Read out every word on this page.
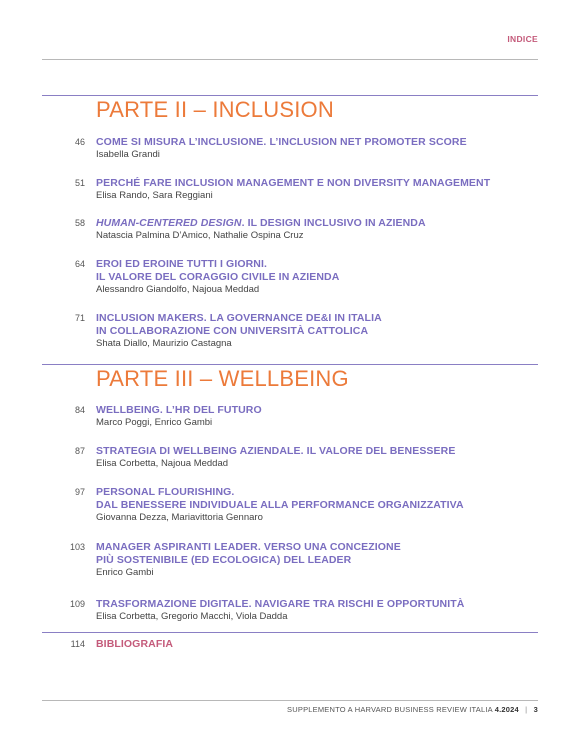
INDICE
PARTE II – INCLUSION
46 COME SI MISURA L’INCLUSIONE. L’INCLUSION NET PROMOTER SCORE
Isabella Grandi
51 PERCHÉ FARE INCLUSION MANAGEMENT E NON DIVERSITY MANAGEMENT
Elisa Rando, Sara Reggiani
58 HUMAN-CENTERED DESIGN. IL DESIGN INCLUSIVO IN AZIENDA
Natascia Palmina D’Amico, Nathalie Ospina Cruz
64 EROI ED EROINE TUTTI I GIORNI.
IL VALORE DEL CORAGGIO CIVILE IN AZIENDA
Alessandro Giandolfo, Najoua Meddad
71 INCLUSION MAKERS. LA GOVERNANCE DE&I IN ITALIA
IN COLLABORAZIONE CON UNIVERSITÀ CATTOLICA
Shata Diallo, Maurizio Castagna
PARTE III – WELLBEING
84 WELLBEING. L’HR DEL FUTURO
Marco Poggi, Enrico Gambi
87 STRATEGIA DI WELLBEING AZIENDALE. IL VALORE DEL BENESSERE
Elisa Corbetta, Najoua Meddad
97 PERSONAL FLOURISHING.
DAL BENESSERE INDIVIDUALE ALLA PERFORMANCE ORGANIZZATIVA
Giovanna Dezza, Mariavittoria Gennaro
103 MANAGER ASPIRANTI LEADER. VERSO UNA CONCEZIONE
PIÙ SOSTENIBILE (ED ECOLOGICA) DEL LEADER
Enrico Gambi
109 TRASFORMAZIONE DIGITALE. NAVIGARE TRA RISCHI E OPPORTUNITÀ
Elisa Corbetta, Gregorio Macchi, Viola Dadda
114 BIBLIOGRAFIA
SUPPLEMENTO A HARVARD BUSINESS REVIEW ITALIA 4.2024 | 3
